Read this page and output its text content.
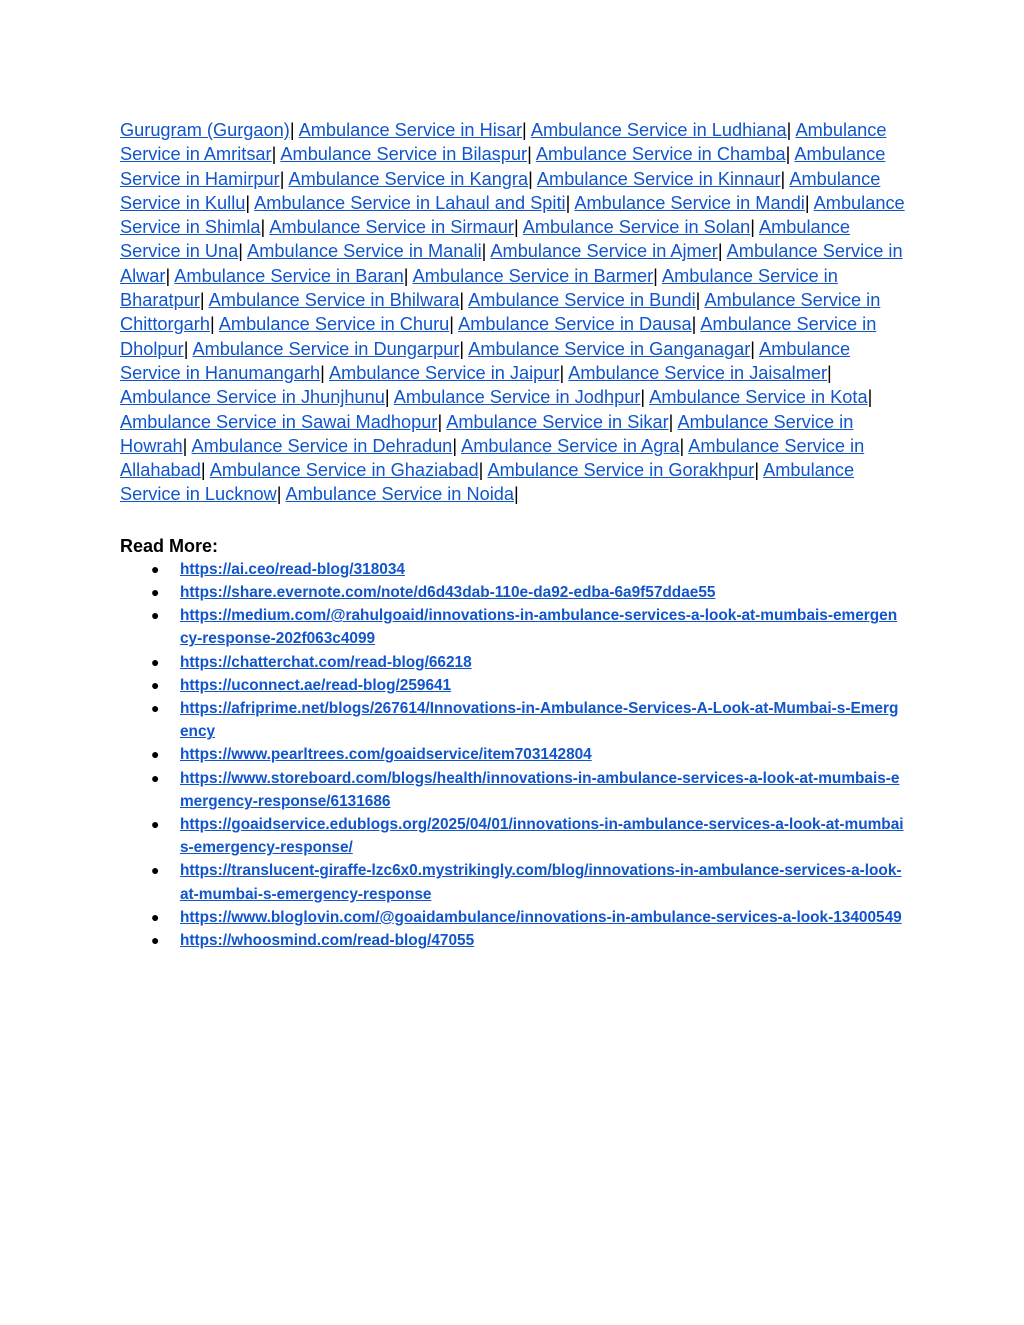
Gurugram (Gurgaon)| Ambulance Service in Hisar| Ambulance Service in Ludhiana| Ambulance Service in Amritsar| Ambulance Service in Bilaspur| Ambulance Service in Chamba| Ambulance Service in Hamirpur| Ambulance Service in Kangra| Ambulance Service in Kinnaur| Ambulance Service in Kullu| Ambulance Service in Lahaul and Spiti| Ambulance Service in Mandi| Ambulance Service in Shimla| Ambulance Service in Sirmaur| Ambulance Service in Solan| Ambulance Service in Una| Ambulance Service in Manali| Ambulance Service in Ajmer| Ambulance Service in Alwar| Ambulance Service in Baran| Ambulance Service in Barmer| Ambulance Service in Bharatpur| Ambulance Service in Bhilwara| Ambulance Service in Bundi| Ambulance Service in Chittorgarh| Ambulance Service in Churu| Ambulance Service in Dausa| Ambulance Service in Dholpur| Ambulance Service in Dungarpur| Ambulance Service in Ganganagar| Ambulance Service in Hanumangarh| Ambulance Service in Jaipur| Ambulance Service in Jaisalmer| Ambulance Service in Jhunjhunu| Ambulance Service in Jodhpur| Ambulance Service in Kota| Ambulance Service in Sawai Madhopur| Ambulance Service in Sikar| Ambulance Service in Howrah| Ambulance Service in Dehradun| Ambulance Service in Agra| Ambulance Service in Allahabad| Ambulance Service in Ghaziabad| Ambulance Service in Gorakhpur| Ambulance Service in Lucknow| Ambulance Service in Noida|

Read More:
● https://ai.ceo/read-blog/318034
● https://share.evernote.com/note/d6d43dab-110e-da92-edba-6a9f57ddae55
● https://medium.com/@rahulgoaid/innovations-in-ambulance-services-a-look-at-mumbais-emergency-response-202f063c4099
● https://chatterchat.com/read-blog/66218
● https://uconnect.ae/read-blog/259641
● https://afriprime.net/blogs/267614/Innovations-in-Ambulance-Services-A-Look-at-Mumbai-s-Emergency
● https://www.pearltrees.com/goaidservice/item703142804
● https://www.storeboard.com/blogs/health/innovations-in-ambulance-services-a-look-at-mumbais-emergency-response/6131686
● https://goaidservice.edublogs.org/2025/04/01/innovations-in-ambulance-services-a-look-at-mumbais-emergency-response/
● https://translucent-giraffe-lzc6x0.mystrikingly.com/blog/innovations-in-ambulance-services-a-look-at-mumbai-s-emergency-response
● https://www.bloglovin.com/@goaidambulance/innovations-in-ambulance-services-a-look-13400549
● https://whoosmind.com/read-blog/47055
